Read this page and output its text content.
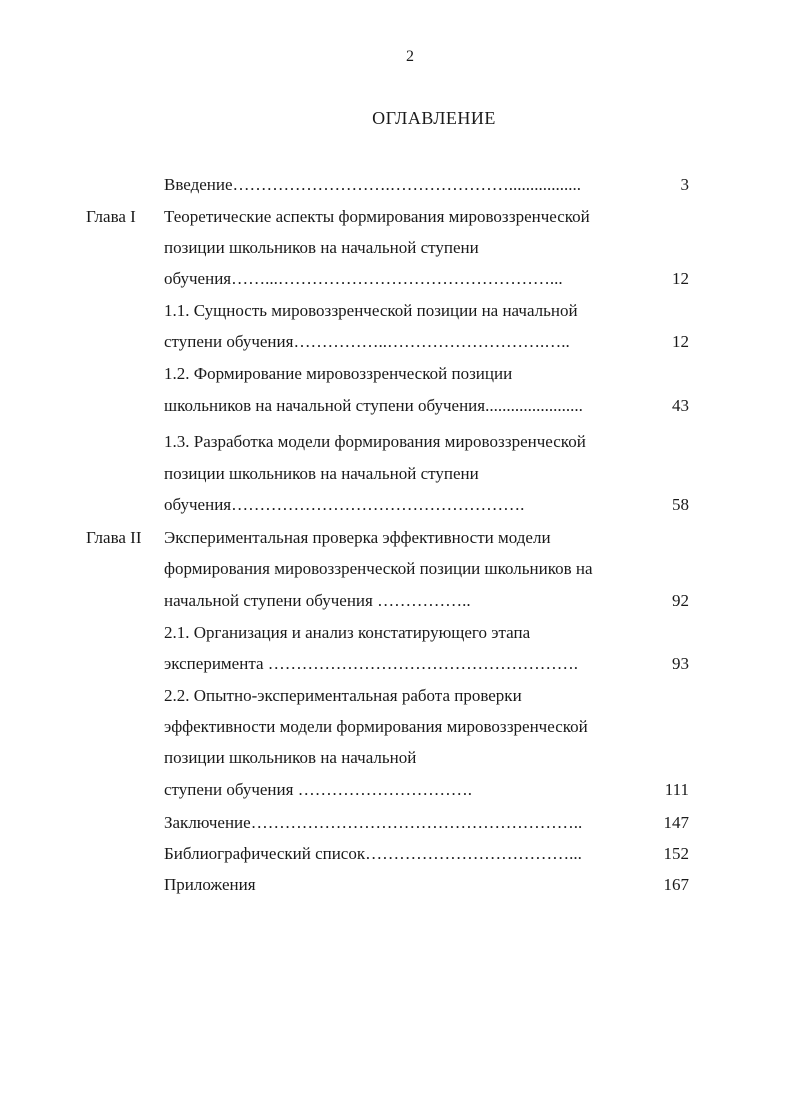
2
ОГЛАВЛЕНИЕ
Введение……………………….………………….................	3
Глава I Теоретические аспекты формирования мировоззренческой
позиции школьников на начальной ступени
обучения……...…………………………………………...	12
1.1. Сущность мировоззренческой позиции на начальной
ступени обучения……………..……………………….…..	12
1.2. Формирование мировоззренческой позиции
школьников на начальной ступени обучения.......................	43
1.3. Разработка модели формирования мировоззренческой
позиции школьников на начальной ступени
обучения…………………………………………….	58
Глава II Экспериментальная проверка эффективности модели
формирования мировоззренческой позиции школьников на
начальной ступени обучения ……………..	92
2.1. Организация и анализ констатирующего этапа
эксперимента ……………………………………………….	93
2.2. Опытно-экспериментальная работа проверки
эффективности модели формирования мировоззренческой
позиции школьников на начальной
ступени обучения ………………………….	111
Заключение…………………………………………………..	147
Библиографический список………………………………...	152
Приложения	167
